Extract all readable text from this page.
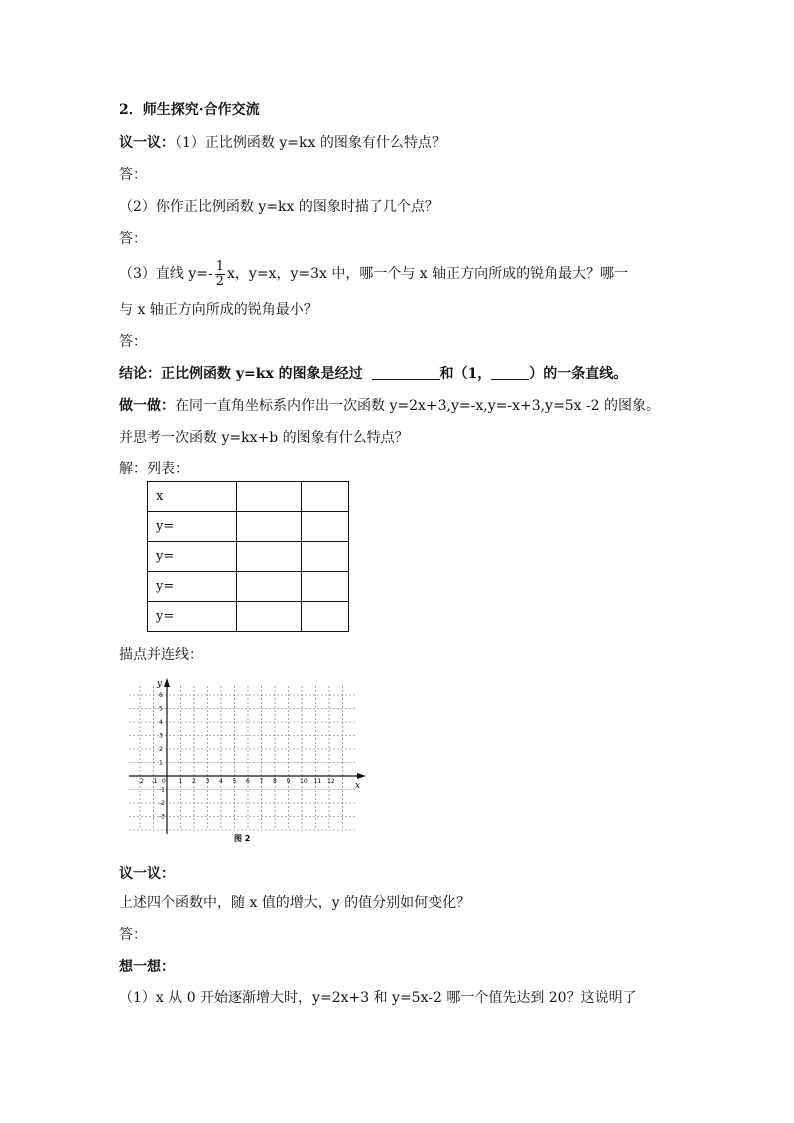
2．师生探究·合作交流
议一议：（1）正比例函数 y=kx 的图象有什么特点？
答：
（2）你作正比例函数 y=kx 的图象时描了几个点？
答：
（3）直线 $y=- \frac{1}{2}$ x，y=x，y=3x 中，哪一个与 x 轴正方向所成的锐角最大？哪一
与 x 轴正方向所成的锐角最小？
答：
结论：正比例函数 y=kx 的图象是经过	和（1，	）的一条直线。
做一做：在同一直角坐标系内作出一次函数 y=2x+3,y=-x,y=-x+3,y=5x -2 的图象。
并思考一次函数 y=kx+b 的图象有什么特点？
解：列表：
x		
y=		
y=		
y=		
y=		
描点并连线：
x
y
0
-2 -1	1 2 3 4 5 6 7 8 9 10 11 12
6
5
4
3
2
1
-1
-2
-3
图 2
议一议：
上述四个函数中，随 x 值的增大，y 的值分别如何变化？
答：
想一想：
（1）x 从 0 开始逐渐增大时，y=2x+3 和 y=5x-2 哪一个值先达到 20？这说明了
